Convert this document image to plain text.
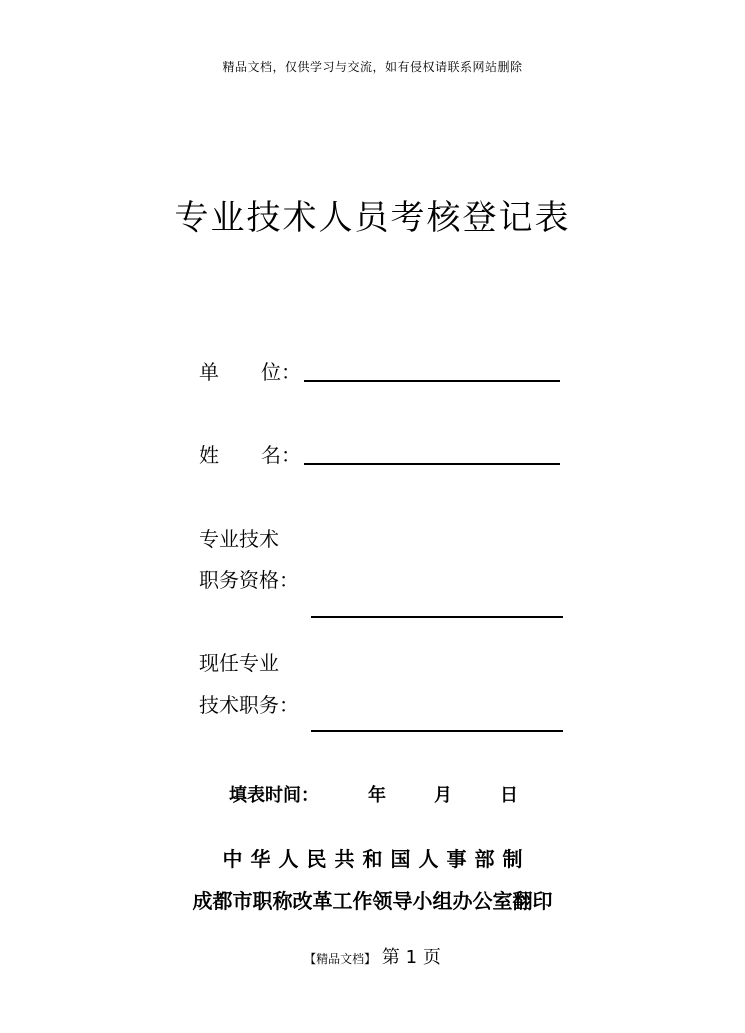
精品文档，仅供学习与交流，如有侵权请联系网站删除
专业技术人员考核登记表
单 位：
姓 名：
专业技术
职务资格：
现任专业
技术职务：
填表时间：	年	月	日
中华人民共和国人事部制
成都市职称改革工作领导小组办公室翻印
【精品文档】 第 1 页
